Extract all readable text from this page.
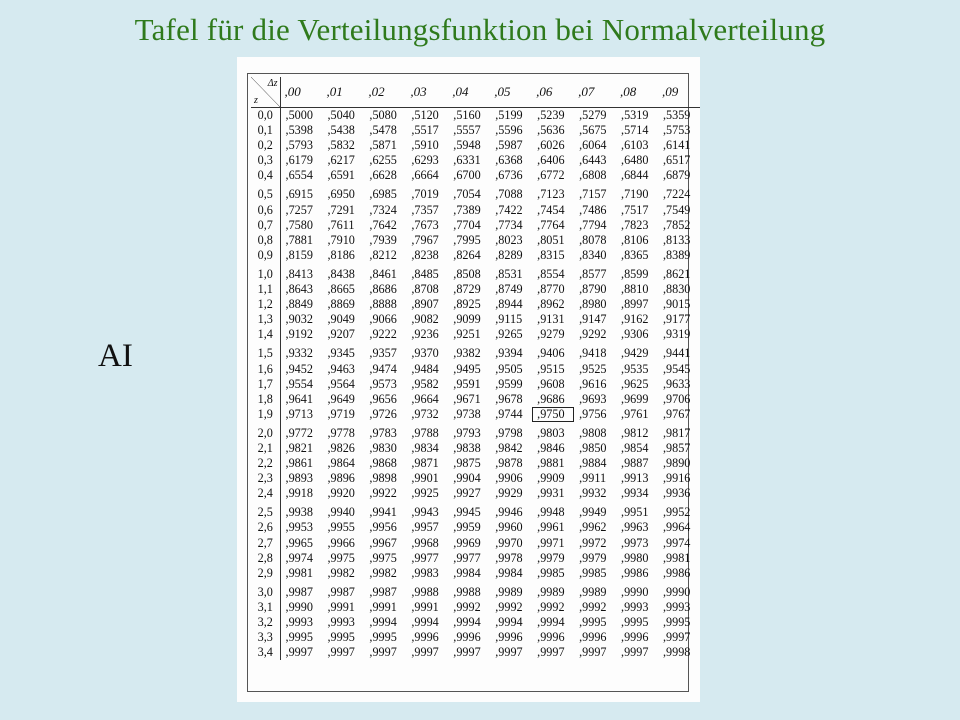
Tafel für die Verteilungsfunktion bei Normalverteilung
AI
Δz
z	,00	,01	,02	,03	,04	,05	,06	,07	,08	,09
0,0	,5000	,5040	,5080	,5120	,5160	,5199	,5239	,5279	,5319	,5359
0,1	,5398	,5438	,5478	,5517	,5557	,5596	,5636	,5675	,5714	,5753
0,2	,5793	,5832	,5871	,5910	,5948	,5987	,6026	,6064	,6103	,6141
0,3	,6179	,6217	,6255	,6293	,6331	,6368	,6406	,6443	,6480	,6517
0,4	,6554	,6591	,6628	,6664	,6700	,6736	,6772	,6808	,6844	,6879
0,5	,6915	,6950	,6985	,7019	,7054	,7088	,7123	,7157	,7190	,7224
0,6	,7257	,7291	,7324	,7357	,7389	,7422	,7454	,7486	,7517	,7549
0,7	,7580	,7611	,7642	,7673	,7704	,7734	,7764	,7794	,7823	,7852
0,8	,7881	,7910	,7939	,7967	,7995	,8023	,8051	,8078	,8106	,8133
0,9	,8159	,8186	,8212	,8238	,8264	,8289	,8315	,8340	,8365	,8389
1,0	,8413	,8438	,8461	,8485	,8508	,8531	,8554	,8577	,8599	,8621
1,1	,8643	,8665	,8686	,8708	,8729	,8749	,8770	,8790	,8810	,8830
1,2	,8849	,8869	,8888	,8907	,8925	,8944	,8962	,8980	,8997	,9015
1,3	,9032	,9049	,9066	,9082	,9099	,9115	,9131	,9147	,9162	,9177
1,4	,9192	,9207	,9222	,9236	,9251	,9265	,9279	,9292	,9306	,9319
1,5	,9332	,9345	,9357	,9370	,9382	,9394	,9406	,9418	,9429	,9441
1,6	,9452	,9463	,9474	,9484	,9495	,9505	,9515	,9525	,9535	,9545
1,7	,9554	,9564	,9573	,9582	,9591	,9599	,9608	,9616	,9625	,9633
1,8	,9641	,9649	,9656	,9664	,9671	,9678	,9686	,9693	,9699	,9706
1,9	,9713	,9719	,9726	,9732	,9738	,9744	,9750	,9756	,9761	,9767
2,0	,9772	,9778	,9783	,9788	,9793	,9798	,9803	,9808	,9812	,9817
2,1	,9821	,9826	,9830	,9834	,9838	,9842	,9846	,9850	,9854	,9857
2,2	,9861	,9864	,9868	,9871	,9875	,9878	,9881	,9884	,9887	,9890
2,3	,9893	,9896	,9898	,9901	,9904	,9906	,9909	,9911	,9913	,9916
2,4	,9918	,9920	,9922	,9925	,9927	,9929	,9931	,9932	,9934	,9936
2,5	,9938	,9940	,9941	,9943	,9945	,9946	,9948	,9949	,9951	,9952
2,6	,9953	,9955	,9956	,9957	,9959	,9960	,9961	,9962	,9963	,9964
2,7	,9965	,9966	,9967	,9968	,9969	,9970	,9971	,9972	,9973	,9974
2,8	,9974	,9975	,9975	,9977	,9977	,9978	,9979	,9979	,9980	,9981
2,9	,9981	,9982	,9982	,9983	,9984	,9984	,9985	,9985	,9986	,9986
3,0	,9987	,9987	,9987	,9988	,9988	,9989	,9989	,9989	,9990	,9990
3,1	,9990	,9991	,9991	,9991	,9992	,9992	,9992	,9992	,9993	,9993
3,2	,9993	,9993	,9994	,9994	,9994	,9994	,9994	,9995	,9995	,9995
3,3	,9995	,9995	,9995	,9996	,9996	,9996	,9996	,9996	,9996	,9997
3,4	,9997	,9997	,9997	,9997	,9997	,9997	,9997	,9997	,9997	,9998
